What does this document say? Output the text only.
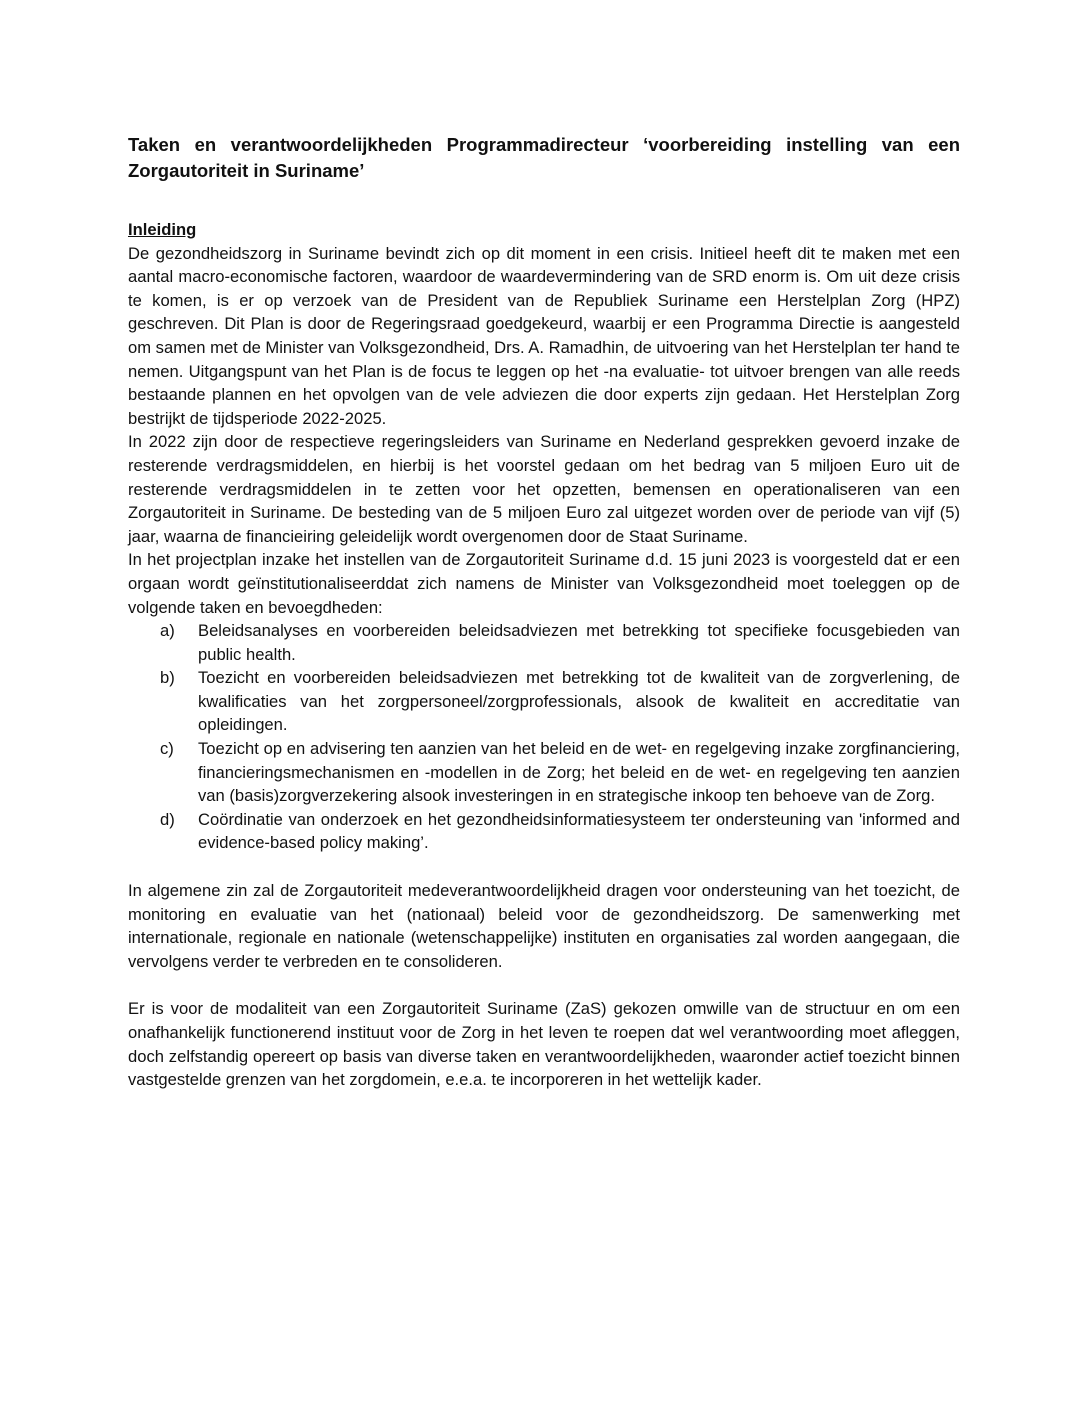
Taken en verantwoordelijkheden Programmadirecteur ‘voorbereiding instelling van een Zorgautoriteit in Suriname’

Inleiding

De gezondheidszorg in Suriname bevindt zich op dit moment in een crisis. Initieel heeft dit te maken met een aantal macro-economische factoren, waardoor de waardevermindering van de SRD enorm is. Om uit deze crisis te komen, is er op verzoek van de President van de Republiek Suriname een Herstelplan Zorg (HPZ) geschreven. Dit Plan is door de Regeringsraad goedgekeurd, waarbij er een Programma Directie is aangesteld om samen met de Minister van Volksgezondheid, Drs. A. Ramadhin, de uitvoering van het Herstelplan ter hand te nemen. Uitgangspunt van het Plan is de focus te leggen op het -na evaluatie- tot uitvoer brengen van alle reeds bestaande plannen en het opvolgen van de vele adviezen die door experts zijn gedaan. Het Herstelplan Zorg bestrijkt de tijdsperiode 2022-2025.

In 2022 zijn door de respectieve regeringsleiders van Suriname en Nederland gesprekken gevoerd inzake de resterende verdragsmiddelen, en hierbij is het voorstel gedaan om het bedrag van 5 miljoen Euro uit de resterende verdragsmiddelen in te zetten voor het opzetten, bemensen en operationaliseren van een Zorgautoriteit in Suriname. De besteding van de 5 miljoen Euro zal uitgezet worden over de periode van vijf (5) jaar, waarna de financieiring geleidelijk wordt overgenomen door de Staat Suriname.

In het projectplan inzake het instellen van de Zorgautoriteit Suriname d.d. 15 juni 2023 is voorgesteld dat er een orgaan wordt geïnstitutionaliseerddat zich namens de Minister van Volksgezondheid moet toeleggen op de volgende taken en bevoegdheden:

a) Beleidsanalyses en voorbereiden beleidsadviezen met betrekking tot specifieke focusgebieden van public health.
b) Toezicht en voorbereiden beleidsadviezen met betrekking tot de kwaliteit van de zorgverlening, de kwalificaties van het zorgpersoneel/zorgprofessionals, alsook de kwaliteit en accreditatie van opleidingen.
c) Toezicht op en advisering ten aanzien van het beleid en de wet- en regelgeving inzake zorgfinanciering, financieringsmechanismen en -modellen in de Zorg; het beleid en de wet- en regelgeving ten aanzien van (basis)zorgverzekering alsook investeringen in en strategische inkoop ten behoeve van de Zorg.
d) Coördinatie van onderzoek en het gezondheidsinformatiesysteem ter ondersteuning van 'informed and evidence-based policy making’.

In algemene zin zal de Zorgautoriteit medeverantwoordelijkheid dragen voor ondersteuning van het toezicht, de monitoring en evaluatie van het (nationaal) beleid voor de gezondheidszorg. De samenwerking met internationale, regionale en nationale (wetenschappelijke) instituten en organisaties zal worden aangegaan, die vervolgens verder te verbreden en te consolideren.

Er is voor de modaliteit van een Zorgautoriteit Suriname (ZaS) gekozen omwille van de structuur en om een onafhankelijk functionerend instituut voor de Zorg in het leven te roepen dat wel verantwoording moet afleggen, doch zelfstandig opereert op basis van diverse taken en verantwoordelijkheden, waaronder actief toezicht binnen vastgestelde grenzen van het zorgdomein, e.e.a. te incorporeren in het wettelijk kader.
